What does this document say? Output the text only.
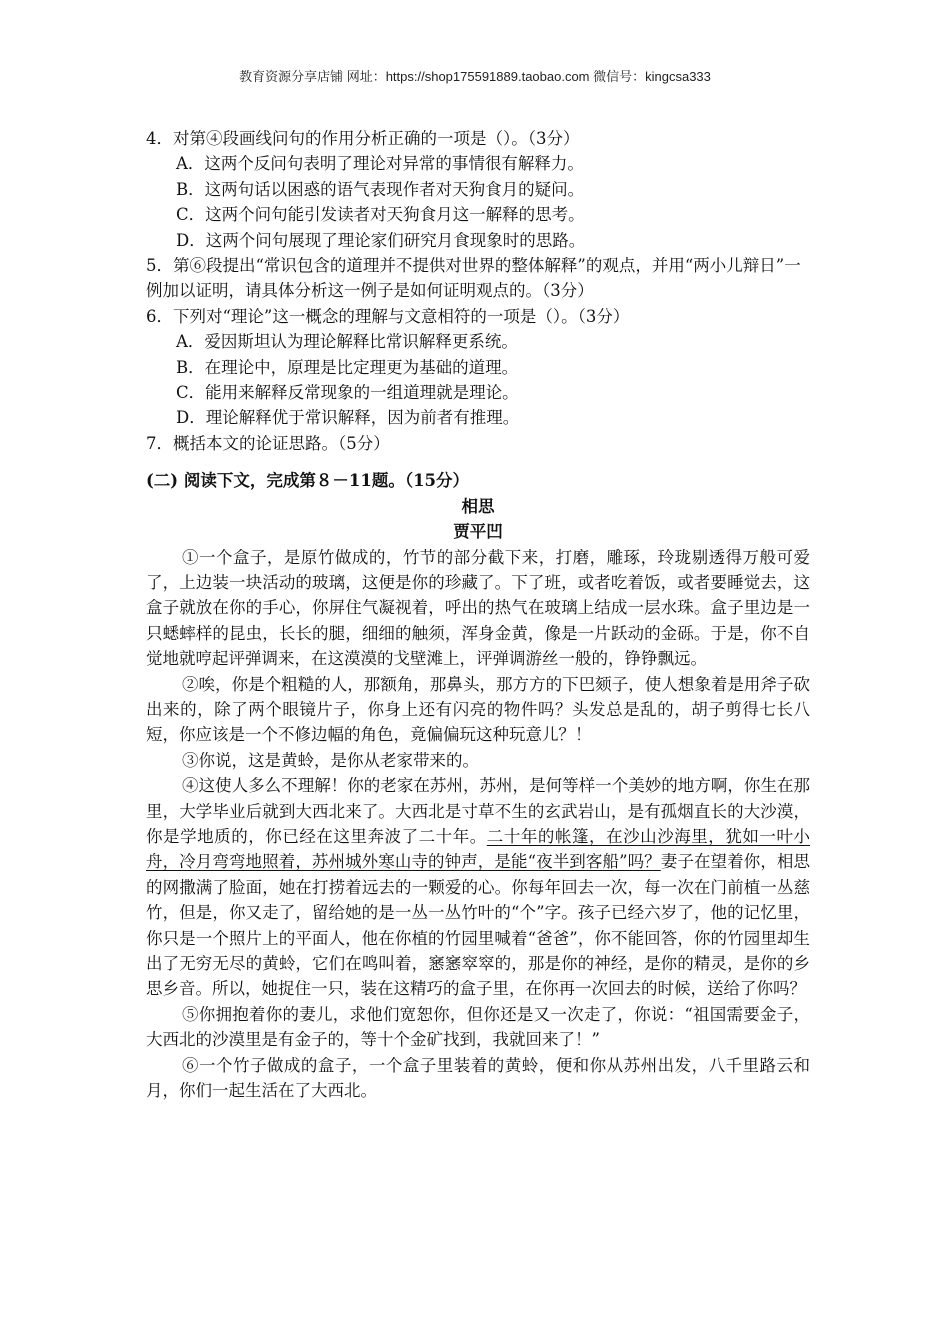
教育资源分享店铺 网址：https://shop175591889.taobao.com 微信号：kingcsa333

4．对第④段画线问句的作用分析正确的一项是（）。（3分）

A．这两个反问句表明了理论对异常的事情很有解释力。

B．这两句话以困惑的语气表现作者对天狗食月的疑问。

C．这两个问句能引发读者对天狗食月这一解释的思考。

D．这两个问句展现了理论家们研究月食现象时的思路。

5．第⑥段提出“常识包含的道理并不提供对世界的整体解释”的观点，并用“两小儿辩日”一例加以证明，请具体分析这一例子是如何证明观点的。（3分）

6．下列对“理论”这一概念的理解与文意相符的一项是（）。（3分）

A．爱因斯坦认为理论解释比常识解释更系统。

B．在理论中，原理是比定理更为基础的道理。

C．能用来解释反常现象的一组道理就是理论。

D．理论解释优于常识解释，因为前者有推理。

7．概括本文的论证思路。（5分）

(二) 阅读下文，完成第８－11题。（15分）

相思

贾平凹

①一个盒子，是原竹做成的，竹节的部分截下来，打磨，雕琢，玲珑剔透得万般可爱了，上边装一块活动的玻璃，这便是你的珍藏了。下了班，或者吃着饭，或者要睡觉去，这盒子就放在你的手心，你屏住气凝视着，呼出的热气在玻璃上结成一层水珠。盒子里边是一只蟋蟀样的昆虫，长长的腿，细细的触须，浑身金黄，像是一片跃动的金砾。于是，你不自觉地就哼起评弹调来，在这漠漠的戈壁滩上，评弹调游丝一般的，铮铮飘远。

②唉，你是个粗糙的人，那额角，那鼻头，那方方的下巴颏子，使人想象着是用斧子砍出来的，除了两个眼镜片子，你身上还有闪亮的物件吗？头发总是乱的，胡子剪得七长八短，你应该是一个不修边幅的角色，竟偏偏玩这种玩意儿？！

③你说，这是黄蛉，是你从老家带来的。

④这使人多么不理解！你的老家在苏州，苏州，是何等样一个美妙的地方啊，你生在那里，大学毕业后就到大西北来了。大西北是寸草不生的玄武岩山，是有孤烟直长的大沙漠，你是学地质的，你已经在这里奔波了二十年。二十年的帐篷，在沙山沙海里，犹如一叶小舟，冷月弯弯地照着，苏州城外寒山寺的钟声，是能“夜半到客船”吗？妻子在望着你，相思的网撒满了脸面，她在打捞着远去的一颗爱的心。你每年回去一次，每一次在门前植一丛慈竹，但是，你又走了，留给她的是一丛一丛竹叶的“个”字。孩子已经六岁了，他的记忆里，你只是一个照片上的平面人，他在你植的竹园里喊着“爸爸”，你不能回答，你的竹园里却生出了无穷无尽的黄蛉，它们在鸣叫着，窸窸窣窣的，那是你的神经，是你的精灵，是你的乡思乡音。所以，她捉住一只，装在这精巧的盒子里，在你再一次回去的时候，送给了你吗？

⑤你拥抱着你的妻儿，求他们宽恕你，但你还是又一次走了，你说：“祖国需要金子，大西北的沙漠里是有金子的，等十个金矿找到，我就回来了！”

⑥一个竹子做成的盒子，一个盒子里装着的黄蛉，便和你从苏州出发，八千里路云和月，你们一起生活在了大西北。
